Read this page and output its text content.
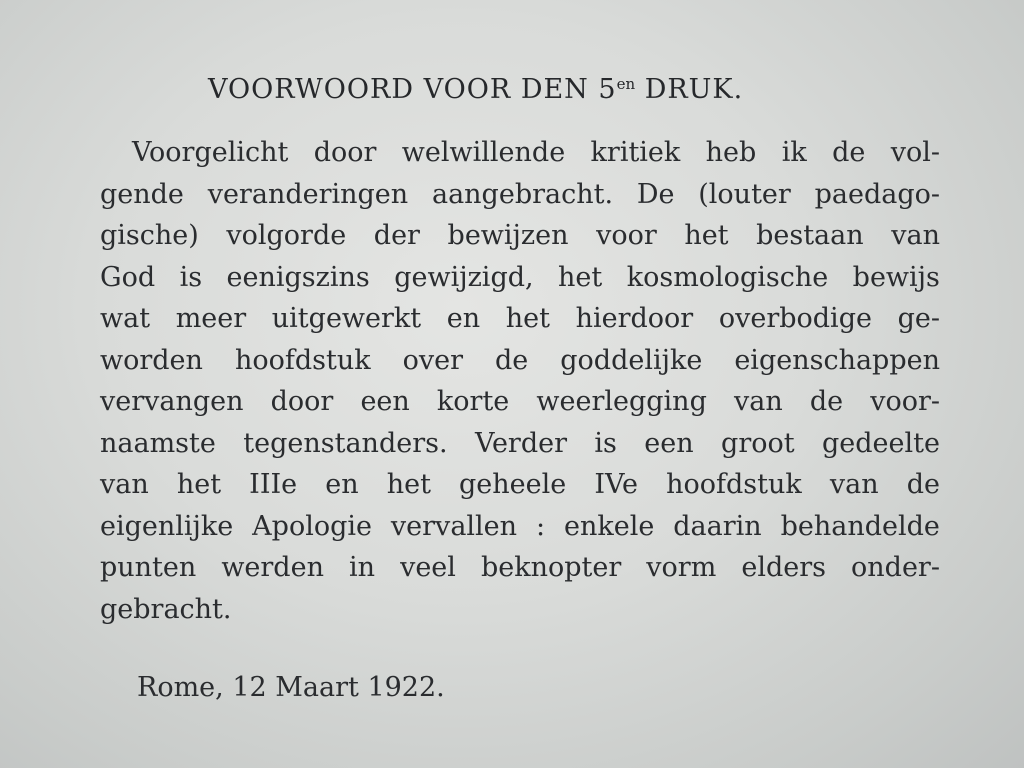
VOORWOORD VOOR DEN $5^{en}$ DRUK.
Voorgelicht door welwillende kritiek heb ik de vol-
gende veranderingen aangebracht. De (louter paedago-
gische) volgorde der bewijzen voor het bestaan van
God is eenigszins gewijzigd, het kosmologische bewijs
wat meer uitgewerkt en het hierdoor overbodige ge-
worden hoofdstuk over de goddelijke eigenschappen
vervangen door een korte weerlegging van de voor-
naamste tegenstanders. Verder is een groot gedeelte
van het IIIe en het geheele IVe hoofdstuk van de
eigenlijke Apologie vervallen : enkele daarin behandelde
punten werden in veel beknopter vorm elders onder-
gebracht.
Rome, 12 Maart 1922.
